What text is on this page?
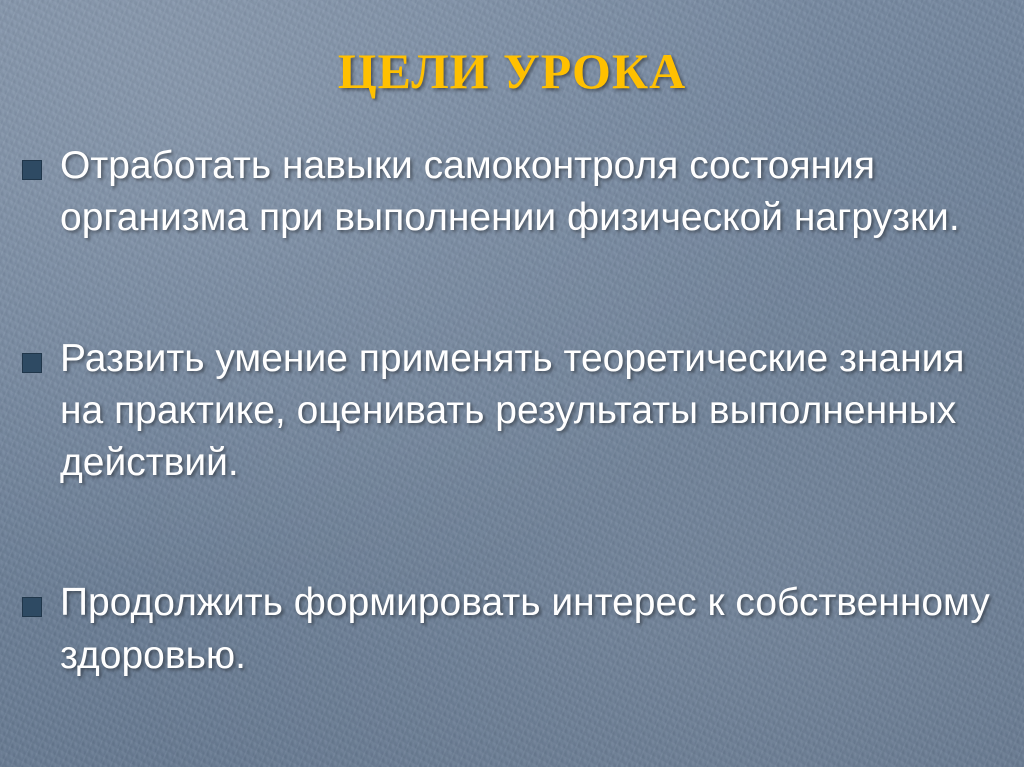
ЦЕЛИ УРОКА
Отработать навыки самоконтроля состояния организма при выполнении физической нагрузки.
Развить умение применять теоретические знания на практике, оценивать результаты выполненных действий.
Продолжить формировать интерес к собственному здоровью.
